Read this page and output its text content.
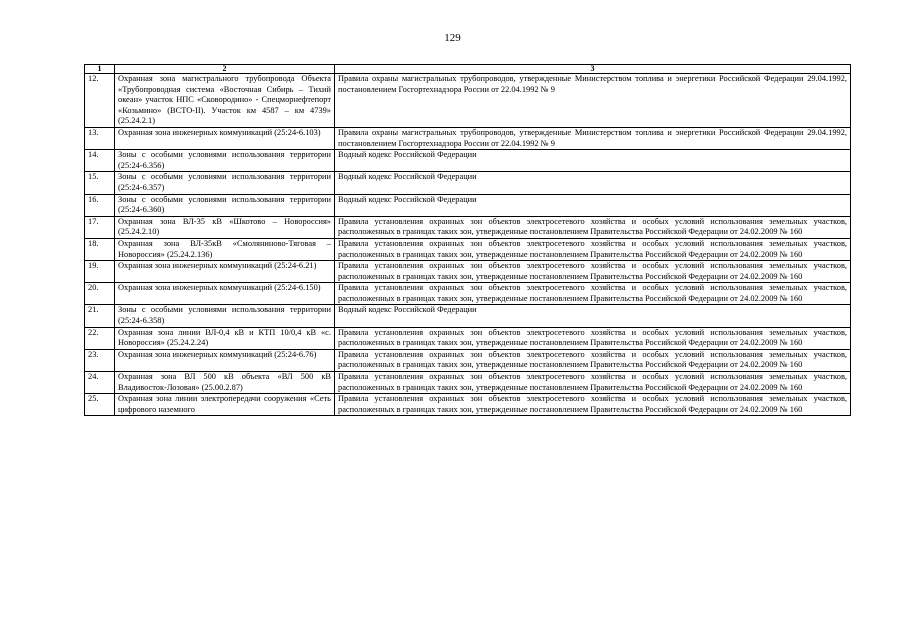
129
1	2	3
12.	Охранная зона магистрального трубопровода Объекта «Трубопроводная система «Восточная Сибирь – Тихий океан» участок НПС «Сковородино» - Спецморнефтепорт «Козьмино» (ВСТО-II). Участок км 4587 – км 4739» (25.24.2.1)	Правила охраны магистральных трубопроводов, утвержденные Министерством топлива и энергетики Российской Федерации 29.04.1992, постановлением Госгортехнадзора России от 22.04.1992 № 9
13.	Охранная зона инженерных коммуникаций (25:24-6.103)	Правила охраны магистральных трубопроводов, утвержденные Министерством топлива и энергетики Российской Федерации 29.04.1992, постановлением Госгортехнадзора России от 22.04.1992 № 9
14.	Зоны с особыми условиями использования территории (25:24-6.356)	Водный кодекс Российской Федерации
15.	Зоны с особыми условиями использования территории (25:24-6.357)	Водный кодекс Российской Федерации
16.	Зоны с особыми условиями использования территории (25:24-6.360)	Водный кодекс Российской Федерации
17.	Охранная зона ВЛ-35 кВ «Шкотово – Новороссия» (25.24.2.10)	Правила установления охранных зон объектов электросетевого хозяйства и особых условий использования земельных участков, расположенных в границах таких зон, утвержденные постановлением Правительства Российской Федерации от 24.02.2009 № 160
18.	Охранная зона ВЛ-35кВ «Смоляниново-Тяговая – Новороссия» (25.24.2.136)	Правила установления охранных зон объектов электросетевого хозяйства и особых условий использования земельных участков, расположенных в границах таких зон, утвержденные постановлением Правительства Российской Федерации от 24.02.2009 № 160
19.	Охранная зона инженерных коммуникаций (25:24-6.21)	Правила установления охранных зон объектов электросетевого хозяйства и особых условий использования земельных участков, расположенных в границах таких зон, утвержденные постановлением Правительства Российской Федерации от 24.02.2009 № 160
20.	Охранная зона инженерных коммуникаций (25:24-6.150)	Правила установления охранных зон объектов электросетевого хозяйства и особых условий использования земельных участков, расположенных в границах таких зон, утвержденные постановлением Правительства Российской Федерации от 24.02.2009 № 160
21.	Зоны с особыми условиями использования территории (25:24-6.358)	Водный кодекс Российской Федерации
22.	Охранная зона линии ВЛ-0,4 кВ и КТП 10/0,4 кВ «с. Новороссия» (25.24.2.24)	Правила установления охранных зон объектов электросетевого хозяйства и особых условий использования земельных участков, расположенных в границах таких зон, утвержденные постановлением Правительства Российской Федерации от 24.02.2009 № 160
23.	Охранная зона инженерных коммуникаций (25:24-6.76)	Правила установления охранных зон объектов электросетевого хозяйства и особых условий использования земельных участков, расположенных в границах таких зон, утвержденные постановлением Правительства Российской Федерации от 24.02.2009 № 160
24.	Охранная зона ВЛ 500 кВ объекта «ВЛ 500 кВ Владивосток-Лозовая» (25.00.2.87)	Правила установления охранных зон объектов электросетевого хозяйства и особых условий использования земельных участков, расположенных в границах таких зон, утвержденные постановлением Правительства Российской Федерации от 24.02.2009 № 160
25.	Охранная зона линии электропередачи сооружения «Сеть цифрового наземного	Правила установления охранных зон объектов электросетевого хозяйства и особых условий использования земельных участков, расположенных в границах таких зон, утвержденные постановлением Правительства Российской Федерации от 24.02.2009 № 160
